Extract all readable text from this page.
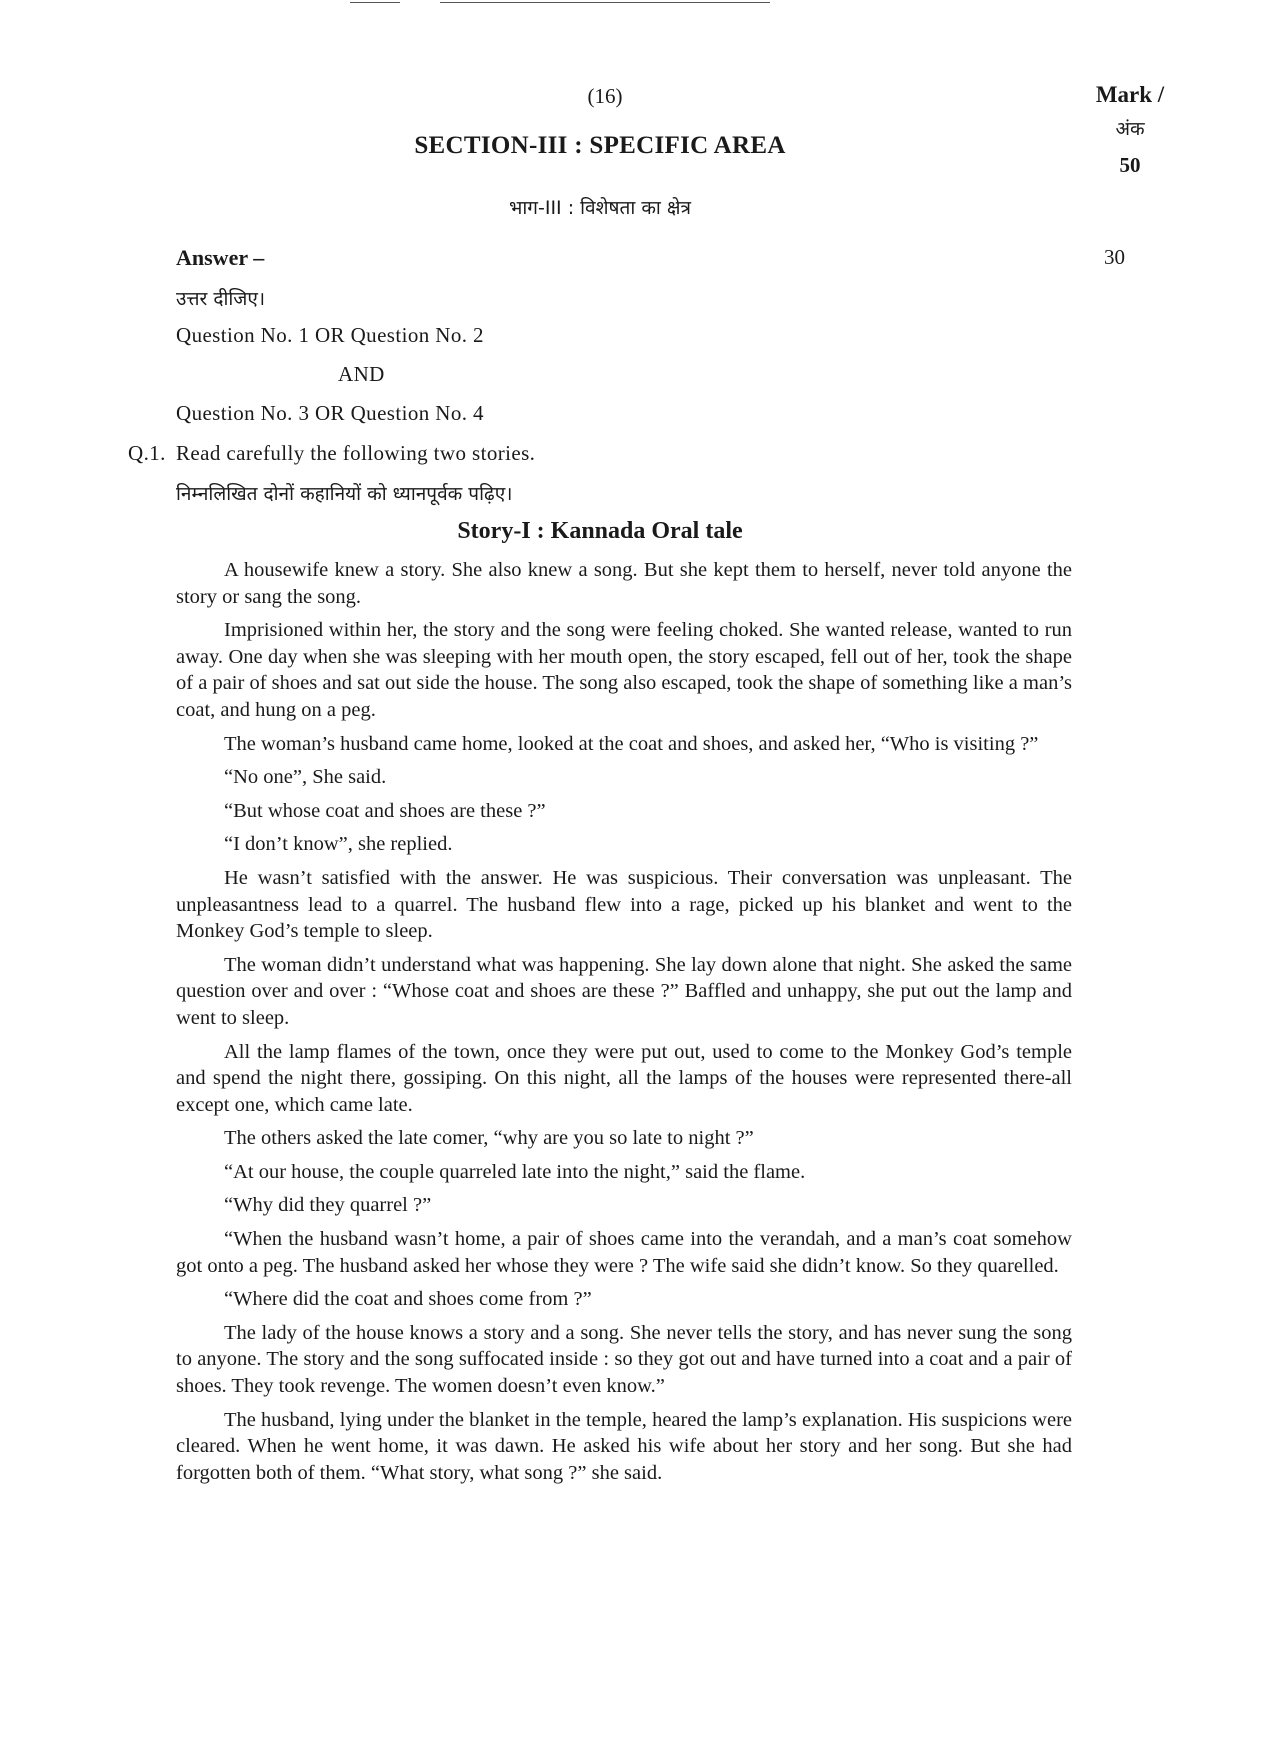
(16)	Mark /
अंक
50
SECTION-III : SPECIFIC AREA
भाग-III : विशेषता का क्षेत्र
Answer –	30
उत्तर दीजिए।
Question No. 1 OR Question No. 2
AND
Question No. 3 OR Question No. 4
Q.1. Read carefully the following two stories.
निम्नलिखित दोनों कहानियों को ध्यानपूर्वक पढ़िए।
Story-I : Kannada Oral tale

A housewife knew a story. She also knew a song. But she kept them to herself, never told anyone the story or sang the song.

Imprisioned within her, the story and the song were feeling choked. She wanted release, wanted to run away. One day when she was sleeping with her mouth open, the story escaped, fell out of her, took the shape of a pair of shoes and sat out side the house. The song also escaped, took the shape of something like a man’s coat, and hung on a peg.

The woman’s husband came home, looked at the coat and shoes, and asked her, “Who is visiting ?”

“No one”, She said.

“But whose coat and shoes are these ?”

“I don’t know”, she replied.

He wasn’t satisfied with the answer. He was suspicious. Their conversation was unpleasant. The unpleasantness lead to a quarrel. The husband flew into a rage, picked up his blanket and went to the Monkey God’s temple to sleep.

The woman didn’t understand what was happening. She lay down alone that night. She asked the same question over and over : “Whose coat and shoes are these ?” Baffled and unhappy, she put out the lamp and went to sleep.

All the lamp flames of the town, once they were put out, used to come to the Monkey God’s temple and spend the night there, gossiping. On this night, all the lamps of the houses were represented there-all except one, which came late.

The others asked the late comer, “why are you so late to night ?”

“At our house, the couple quarreled late into the night,” said the flame.

“Why did they quarrel ?”

“When the husband wasn’t home, a pair of shoes came into the verandah, and a man’s coat somehow got onto a peg. The husband asked her whose they were ? The wife said she didn’t know. So they quarelled.

“Where did the coat and shoes come from ?”

The lady of the house knows a story and a song. She never tells the story, and has never sung the song to anyone. The story and the song suffocated inside : so they got out and have turned into a coat and a pair of shoes. They took revenge. The women doesn’t even know.”

The husband, lying under the blanket in the temple, heared the lamp’s explanation. His suspicions were cleared. When he went home, it was dawn. He asked his wife about her story and her song. But she had forgotten both of them. “What story, what song ?” she said.
